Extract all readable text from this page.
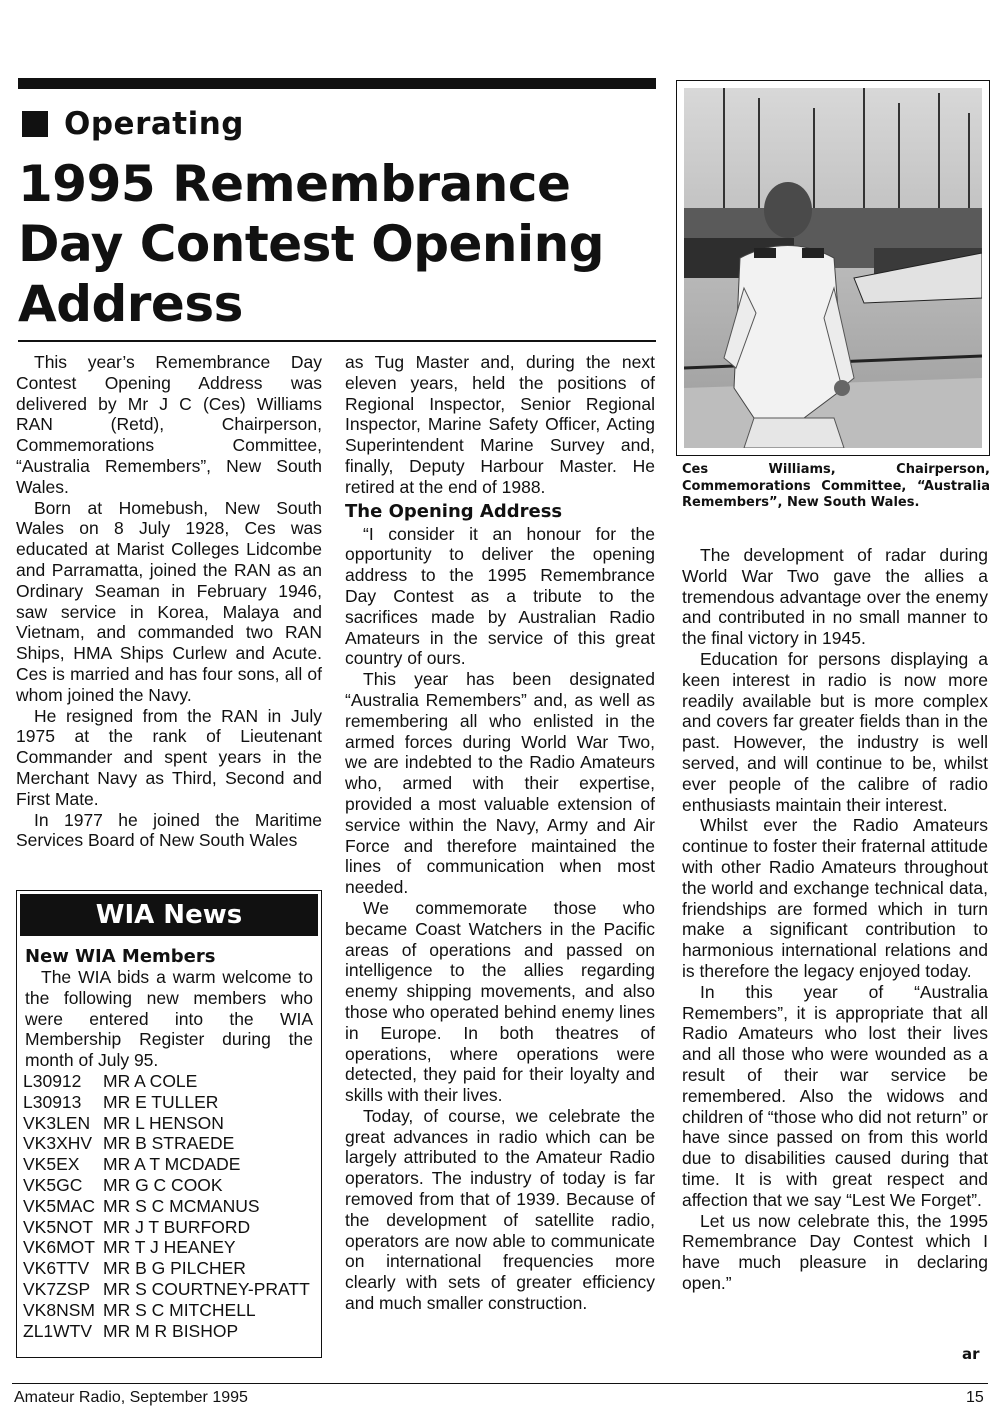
Operating
1995 Remembrance Day Contest Opening Address

This year’s Remembrance Day Contest Opening Address was delivered by Mr J C (Ces) Williams RAN (Retd), Chairperson, Commemorations Committee, “Australia Remembers”, New South Wales.

Born at Homebush, New South Wales on 8 July 1928, Ces was educated at Marist Colleges Lidcombe and Parramatta, joined the RAN as an Ordinary Seaman in February 1946, saw service in Korea, Malaya and Vietnam, and commanded two RAN Ships, HMA Ships Curlew and Acute. Ces is married and has four sons, all of whom joined the Navy.

He resigned from the RAN in July 1975 at the rank of Lieutenant Commander and spent years in the Merchant Navy as Third, Second and First Mate.

In 1977 he joined the Maritime Services Board of New South Wales

WIA News
New WIA Members

The WIA bids a warm welcome to the following new members who were entered into the WIA Membership Register during the month of July 95.

L30912	MR A COLE
L30913	MR E TULLER
VK3LEN MR L HENSON
VK3XHV MR B STRAEDE
VK5EX	MR A T MCDADE
VK5GC	MR G C COOK
VK5MAC MR S C MCMANUS
VK5NOT MR J T BURFORD
VK6MOT MR T J HEANEY
VK6TTV MR B G PILCHER
VK7ZSP MR S COURTNEY-PRATT
VK8NSM MR S C MITCHELL
ZL1WTV MR M R BISHOP

as Tug Master and, during the next eleven years, held the positions of Regional Inspector, Senior Regional Inspector, Marine Safety Officer, Acting Superintendent Marine Survey and, finally, Deputy Harbour Master. He retired at the end of 1988.

The Opening Address

“I consider it an honour for the opportunity to deliver the opening address to the 1995 Remembrance Day Contest as a tribute to the sacrifices made by Australian Radio Amateurs in the service of this great country of ours.

This year has been designated “Australia Remembers” and, as well as remembering all who enlisted in the armed forces during World War Two, we are indebted to the Radio Amateurs who, armed with their expertise, provided a most valuable extension of service within the Navy, Army and Air Force and therefore maintained the lines of communication when most needed.

We commemorate those who became Coast Watchers in the Pacific areas of operations and passed on intelligence to the allies regarding enemy shipping movements, and also those who operated behind enemy lines in Europe. In both theatres of operations, where operations were detected, they paid for their loyalty and skills with their lives.

Today, of course, we celebrate the great advances in radio which can be largely attributed to the Amateur Radio operators. The industry of today is far removed from that of 1939. Because of the development of satellite radio, operators are now able to communicate on international frequencies more clearly with sets of greater efficiency and much smaller construction.

Ces Williams, Chairperson, Commemorations Committee, “Australia Remembers”, New South Wales.

The development of radar during World War Two gave the allies a tremendous advantage over the enemy and contributed in no small manner to the final victory in 1945.

Education for persons displaying a keen interest in radio is now more readily available but is more complex and covers far greater fields than in the past. However, the industry is well served, and will continue to be, whilst ever people of the calibre of radio enthusiasts maintain their interest.

Whilst ever the Radio Amateurs continue to foster their fraternal attitude with other Radio Amateurs throughout the world and exchange technical data, friendships are formed which in turn make a significant contribution to harmonious international relations and is therefore the legacy enjoyed today.

In this year of “Australia Remembers”, it is appropriate that all Radio Amateurs who lost their lives and all those who were wounded as a result of their war service be remembered. Also the widows and children of “those who did not return” or have since passed on from this world due to disabilities caused during that time. It is with great respect and affection that we say “Lest We Forget”.

Let us now celebrate this, the 1995 Remembrance Day Contest which I have much pleasure in declaring open.”

ar
Amateur Radio, September 1995	15
